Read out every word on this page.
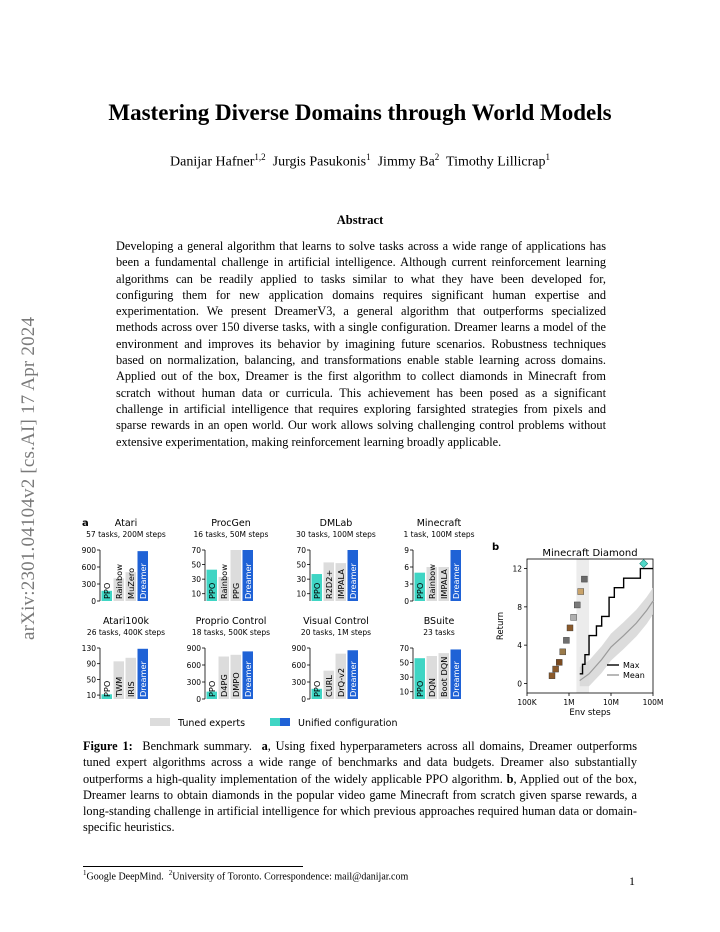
Mastering Diverse Domains through World Models
Danijar Hafner$^{1,2}$ Jurgis Pasukonis$^1$ Jimmy Ba$^2$ Timothy Lillicrap$^1$
Abstract
Developing a general algorithm that learns to solve tasks across a wide range of applications has been a fundamental challenge in artificial intelligence. Although current reinforcement learning algorithms can be readily applied to tasks similar to what they have been developed for, configuring them for new application domains requires significant human expertise and experimentation. We present DreamerV3, a general algorithm that outperforms specialized methods across over 150 diverse tasks, with a single configuration. Dreamer learns a model of the environment and improves its behavior by imagining future scenarios. Robustness techniques based on normalization, balancing, and transformations enable stable learning across domains. Applied out of the box, Dreamer is the first algorithm to collect diamonds in Minecraft from scratch without human data or curricula. This achievement has been posed as a significant challenge in artificial intelligence that requires exploring farsighted strategies from pixels and sparse rewards in an open world. Our work allows solving challenging control problems without extensive experimentation, making reinforcement learning broadly applicable.
arXiv:2301.04104v2 [cs.AI] 17 Apr 2024	a	Atari
57 tasks, 200M steps
0
300
600
900
PPO Rainbow MuZero Dreamer
ProcGen
16 tasks, 50M steps
10
30
50
70
PPO Rainbow PPG Dreamer
DMLab
30 tasks, 100M steps
10
30
50
70
PPO R2D2+ IMPALA Dreamer
Minecraft
1 task, 100M steps
0
3
6
9
PPO Rainbow IMPALA Dreamer
Atari100k
26 tasks, 400K steps
10
50
90
130
PPO TWM IRIS Dreamer
Proprio Control
18 tasks, 500K steps
0
300
600
900
PPO D4PG DMPO Dreamer
Visual Control
20 tasks, 1M steps
0
300
600
900
PPO CURL DrQ-v2 Dreamer
BSuite
23 tasks
10
30
50
70
PPO DQN Boot DQN Dreamer
b
Minecraft Diamond
0
4
8
12
100K	1M	10M	100M
Env steps
Return
Max
Mean
Tuned experts	Unified configuration
Figure 1: Benchmark summary. a, Using fixed hyperparameters across all domains, Dreamer outperforms tuned expert algorithms across a wide range of benchmarks and data budgets. Dreamer also substantially outperforms a high-quality implementation of the widely applicable PPO algorithm. b, Applied out of the box, Dreamer learns to obtain diamonds in the popular video game Minecraft from scratch given sparse rewards, a long-standing challenge in artificial intelligence for which previous approaches required human data or domain-specific heuristics.
$^1$Google DeepMind. $^2$University of Toronto. Correspondence: mail@danijar.com	1
